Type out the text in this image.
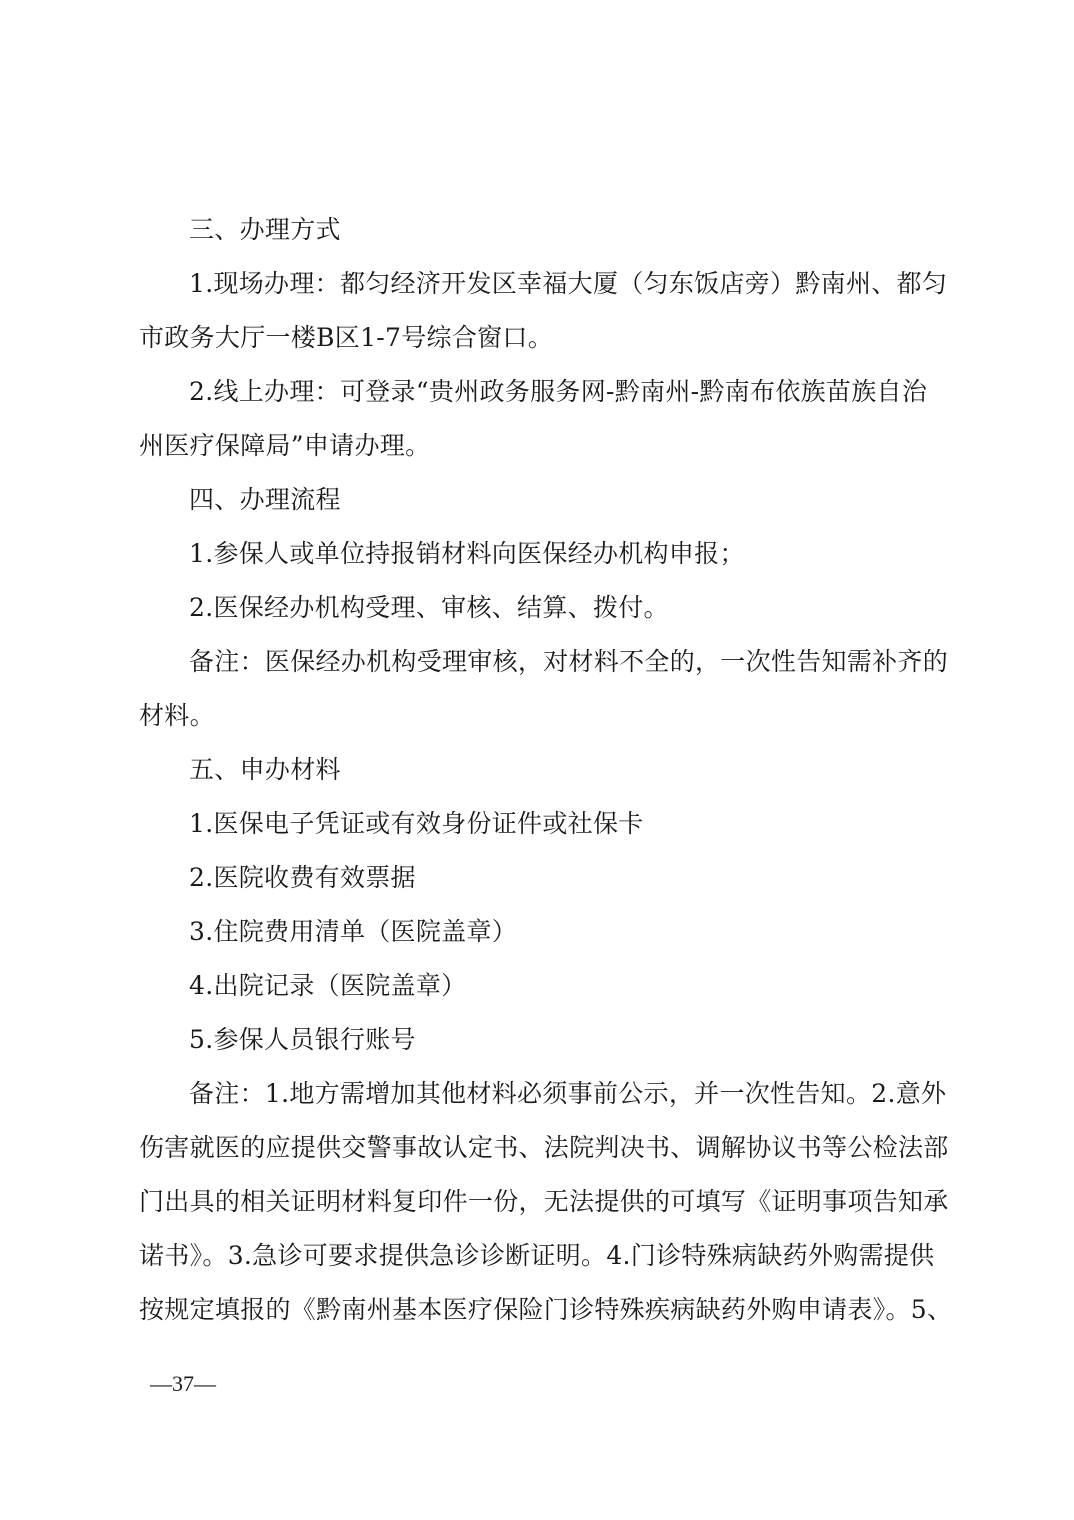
三、办理方式
1.现场办理：都匀经济开发区幸福大厦（匀东饭店旁）黔南州、都匀
市政务大厅一楼B区1-7号综合窗口。
2.线上办理：可登录“贵州政务服务网-黔南州-黔南布依族苗族自治
州医疗保障局”申请办理。
四、办理流程
1.参保人或单位持报销材料向医保经办机构申报；
2.医保经办机构受理、审核、结算、拨付。
备注：医保经办机构受理审核，对材料不全的，一次性告知需补齐的
材料。
五、申办材料
1.医保电子凭证或有效身份证件或社保卡
2.医院收费有效票据
3.住院费用清单（医院盖章）
4.出院记录（医院盖章）
5.参保人员银行账号
备注：1.地方需增加其他材料必须事前公示，并一次性告知。2.意外
伤害就医的应提供交警事故认定书、法院判决书、调解协议书等公检法部
门出具的相关证明材料复印件一份，无法提供的可填写《证明事项告知承
诺书》。3.急诊可要求提供急诊诊断证明。4.门诊特殊病缺药外购需提供
按规定填报的《黔南州基本医疗保险门诊特殊疾病缺药外购申请表》。5、
—37—
